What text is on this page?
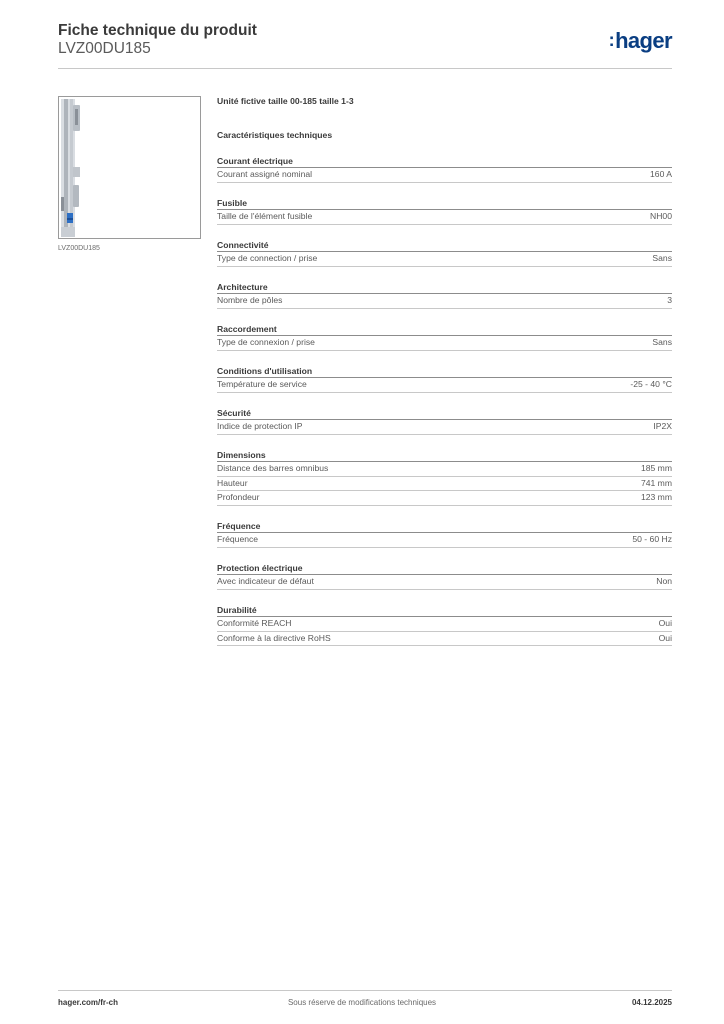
Fiche technique du produit
LVZ00DU185	:hager
LVZ00DU185
Unité fictive taille 00-185 taille 1-3
Caractéristiques techniques
Courant électrique
Courant assigné nominal	160 A
Fusible
Taille de l'élément fusible	NH00
Connectivité
Type de connection / prise	Sans
Architecture
Nombre de pôles	3
Raccordement
Type de connexion / prise	Sans
Conditions d'utilisation
Température de service	-25 - 40 °C
Sécurité
Indice de protection IP	IP2X
Dimensions
Distance des barres omnibus	185 mm
Hauteur	741 mm
Profondeur	123 mm
Fréquence
Fréquence	50 - 60 Hz
Protection électrique
Avec indicateur de défaut	Non
Durabilité
Conformité REACH	Oui
Conforme à la directive RoHS	Oui
hager.com/fr-ch	Sous réserve de modifications techniques	04.12.2025
